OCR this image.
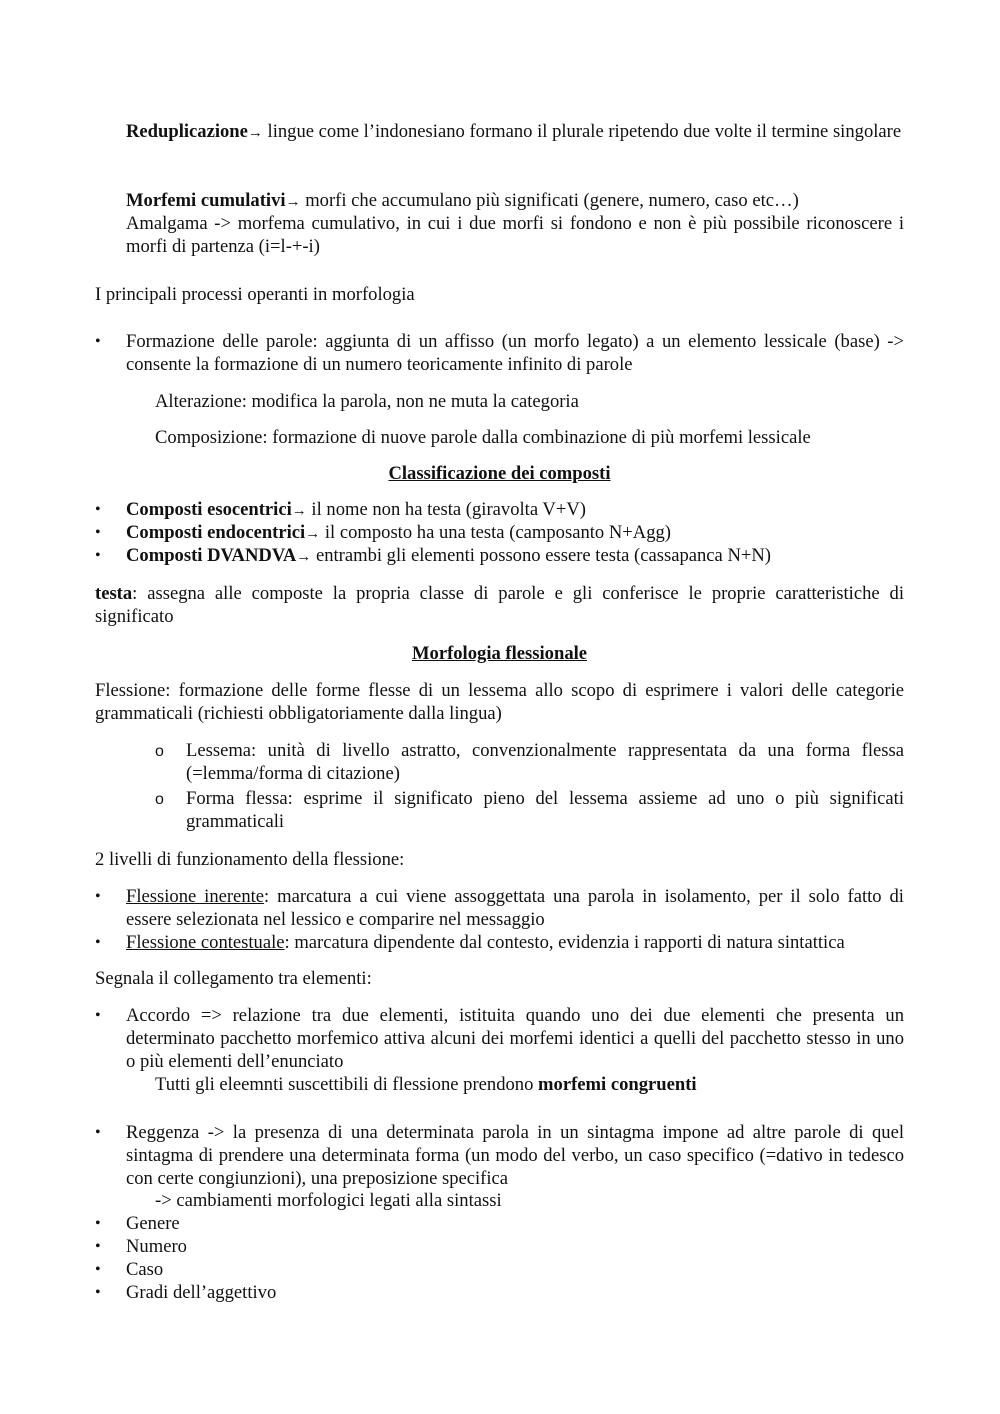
Reduplicazione→ lingue come l’indonesiano formano il plurale ripetendo due volte il termine singolare

Morfemi cumulativi→ morfi che accumulano più significati (genere, numero, caso etc…)

Amalgama -> morfema cumulativo, in cui i due morfi si fondono e non è più possibile riconoscere i morfi di partenza (i=l-+-i)

I principali processi operanti in morfologia

•	Formazione delle parole: aggiunta di un affisso (un morfo legato) a un elemento lessicale (base) -> consente la formazione di un numero teoricamente infinito di parole

Alterazione: modifica la parola, non ne muta la categoria

Composizione: formazione di nuove parole dalla combinazione di più morfemi lessicale

Classificazione dei composti

•	Composti esocentrici→ il nome non ha testa (giravolta V+V)

•	Composti endocentrici→ il composto ha una testa (camposanto N+Agg)

•	Composti DVANDVA→ entrambi gli elementi possono essere testa (cassapanca N+N)

testa: assegna alle composte la propria classe di parole e gli conferisce le proprie caratteristiche di significato

Morfologia flessionale

Flessione: formazione delle forme flesse di un lessema allo scopo di esprimere i valori delle categorie grammaticali (richiesti obbligatoriamente dalla lingua)

o	Lessema: unità di livello astratto, convenzionalmente rappresentata da una forma flessa (=lemma/forma di citazione)

o	Forma flessa: esprime il significato pieno del lessema assieme ad uno o più significati grammaticali

2 livelli di funzionamento della flessione:

•	Flessione inerente: marcatura a cui viene assoggettata una parola in isolamento, per il solo fatto di essere selezionata nel lessico e comparire nel messaggio

•	Flessione contestuale: marcatura dipendente dal contesto, evidenzia i rapporti di natura sintattica

Segnala il collegamento tra elementi:

•	Accordo => relazione tra due elementi, istituita quando uno dei due elementi che presenta un determinato pacchetto morfemico attiva alcuni dei morfemi identici a quelli del pacchetto stesso in uno o più elementi dell’enunciato

Tutti gli eleemnti suscettibili di flessione prendono morfemi congruenti

•	Reggenza -> la presenza di una determinata parola in un sintagma impone ad altre parole di quel sintagma di prendere una determinata forma (un modo del verbo, un caso specifico (=dativo in tedesco con certe congiunzioni), una preposizione specifica

-> cambiamenti morfologici legati alla sintassi

•	Genere

•	Numero

•	Caso

•	Gradi dell’aggettivo
